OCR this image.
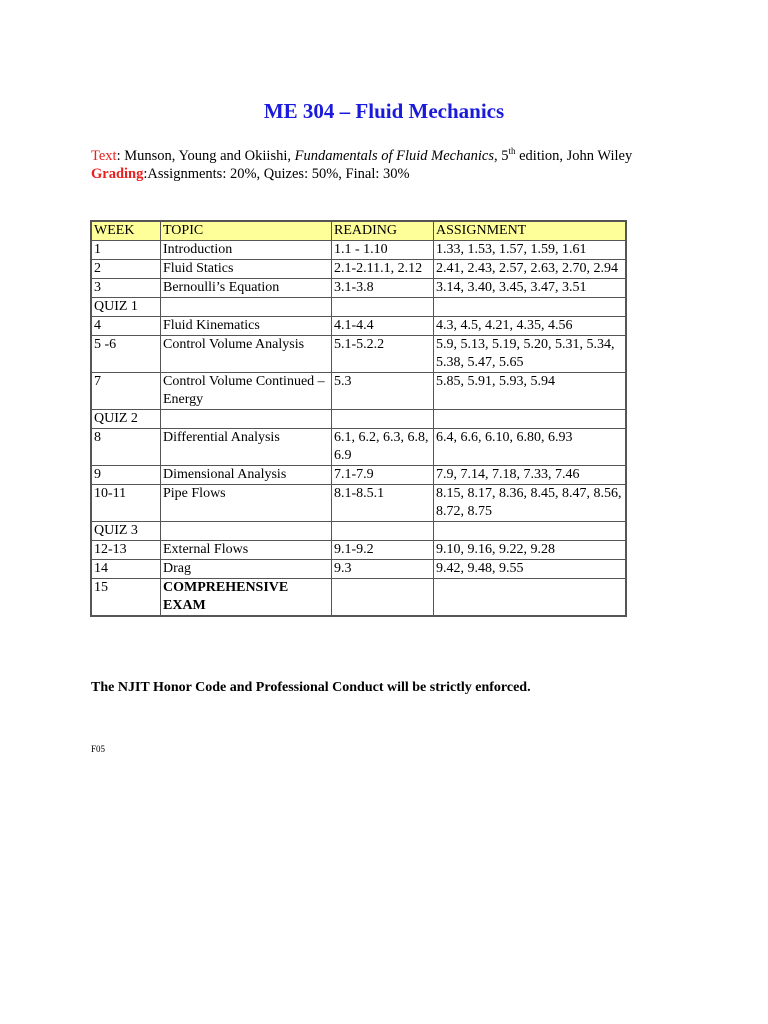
ME 304 – Fluid Mechanics
Text: Munson, Young and Okiishi, Fundamentals of Fluid Mechanics, 5th edition, John Wiley
Grading:Assignments: 20%, Quizes: 50%, Final: 30%
WEEK	TOPIC	READING	ASSIGNMENT
1	Introduction	1.1 - 1.10	1.33, 1.53, 1.57, 1.59, 1.61
2	Fluid Statics	2.1-2.11.1, 2.12	2.41, 2.43, 2.57, 2.63, 2.70, 2.94
3	Bernoulli’s Equation	3.1-3.8	3.14, 3.40, 3.45, 3.47, 3.51
QUIZ 1			
4	Fluid Kinematics	4.1-4.4	4.3, 4.5, 4.21, 4.35, 4.56
5 -6	Control Volume Analysis	5.1-5.2.2	5.9, 5.13, 5.19, 5.20, 5.31, 5.34, 5.38, 5.47, 5.65
7	Control Volume Continued – Energy	5.3	5.85, 5.91, 5.93, 5.94
QUIZ 2			
8	Differential Analysis	6.1, 6.2, 6.3, 6.8, 6.9	6.4, 6.6, 6.10, 6.80, 6.93
9	Dimensional Analysis	7.1-7.9	7.9, 7.14, 7.18, 7.33, 7.46
10-11	Pipe Flows	8.1-8.5.1	8.15, 8.17, 8.36, 8.45, 8.47, 8.56, 8.72, 8.75
QUIZ 3			
12-13	External Flows	9.1-9.2	9.10, 9.16, 9.22, 9.28
14	Drag	9.3	9.42, 9.48, 9.55
15	COMPREHENSIVE EXAM		

The NJIT Honor Code and Professional Conduct will be strictly enforced.

F05
